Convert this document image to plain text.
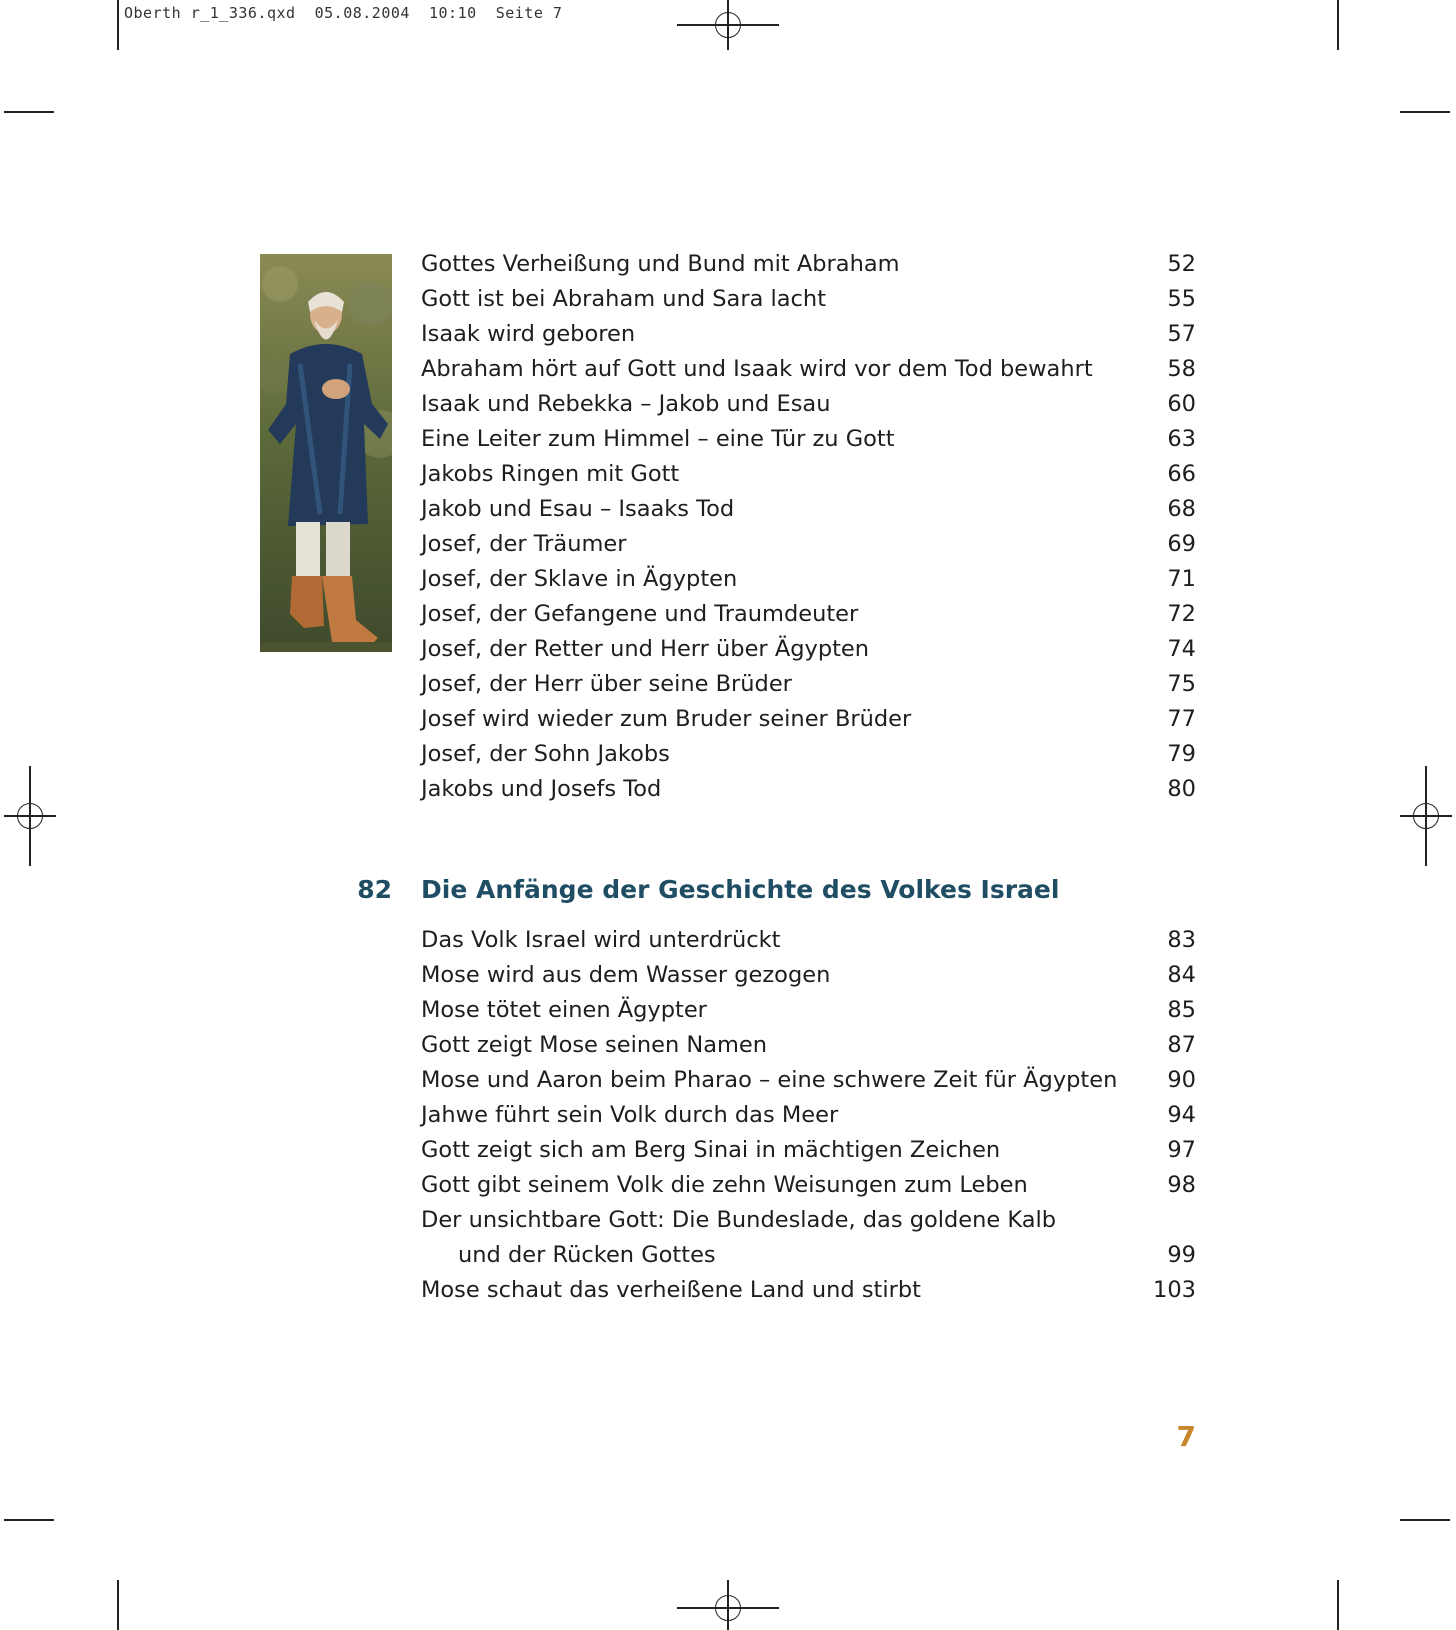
Oberth r_1_336.qxd 05.08.2004 10:10 Seite 7
Gottes Verheißung und Bund mit Abraham	52
Gott ist bei Abraham und Sara lacht	55
Isaak wird geboren	57
Abraham hört auf Gott und Isaak wird vor dem Tod bewahrt	58
Isaak und Rebekka – Jakob und Esau	60
Eine Leiter zum Himmel – eine Tür zu Gott	63
Jakobs Ringen mit Gott	66
Jakob und Esau – Isaaks Tod	68
Josef, der Träumer	69
Josef, der Sklave in Ägypten	71
Josef, der Gefangene und Traumdeuter	72
Josef, der Retter und Herr über Ägypten	74
Josef, der Herr über seine Brüder	75
Josef wird wieder zum Bruder seiner Brüder	77
Josef, der Sohn Jakobs	79
Jakobs und Josefs Tod	80
82 Die Anfänge der Geschichte des Volkes Israel
Das Volk Israel wird unterdrückt	83
Mose wird aus dem Wasser gezogen	84
Mose tötet einen Ägypter	85
Gott zeigt Mose seinen Namen	87
Mose und Aaron beim Pharao – eine schwere Zeit für Ägypten 90
Jahwe führt sein Volk durch das Meer	94
Gott zeigt sich am Berg Sinai in mächtigen Zeichen	97
Gott gibt seinem Volk die zehn Weisungen zum Leben	98
Der unsichtbare Gott: Die Bundeslade, das goldene Kalb
und der Rücken Gottes	99
Mose schaut das verheißene Land und stirbt	103
7
